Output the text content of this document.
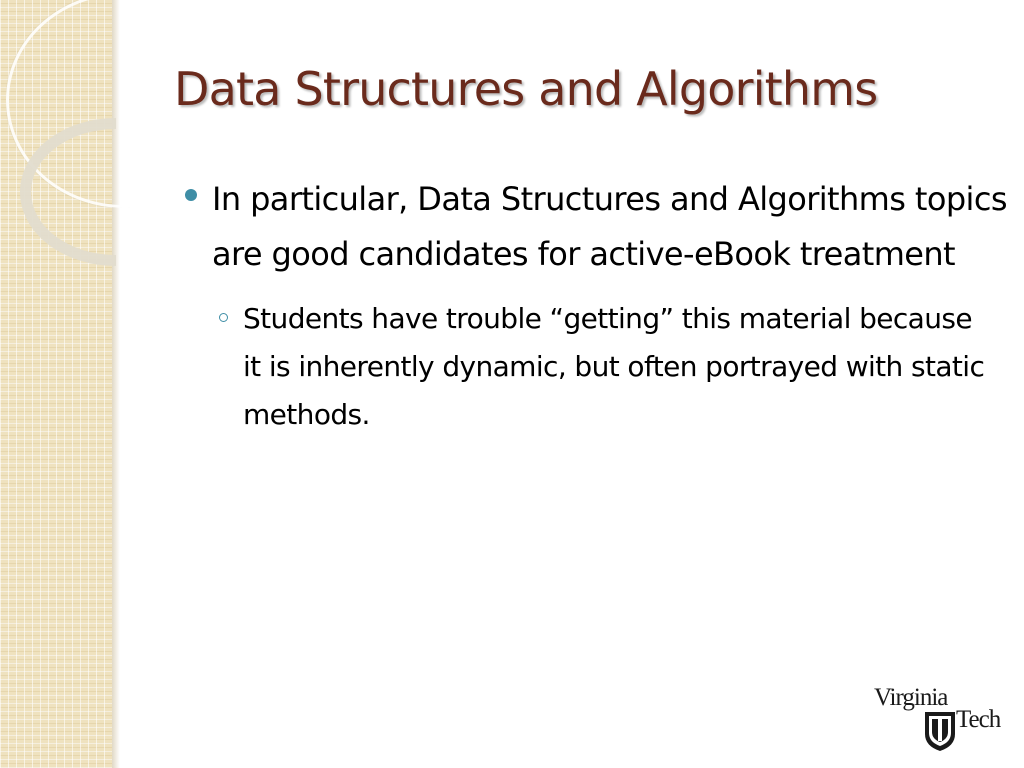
Data Structures and Algorithms
In particular, Data Structures and Algorithms topics are good candidates for active-eBook treatment
Students have trouble “getting” this material because it is inherently dynamic, but often portrayed with static methods.
Virginia
Tech
